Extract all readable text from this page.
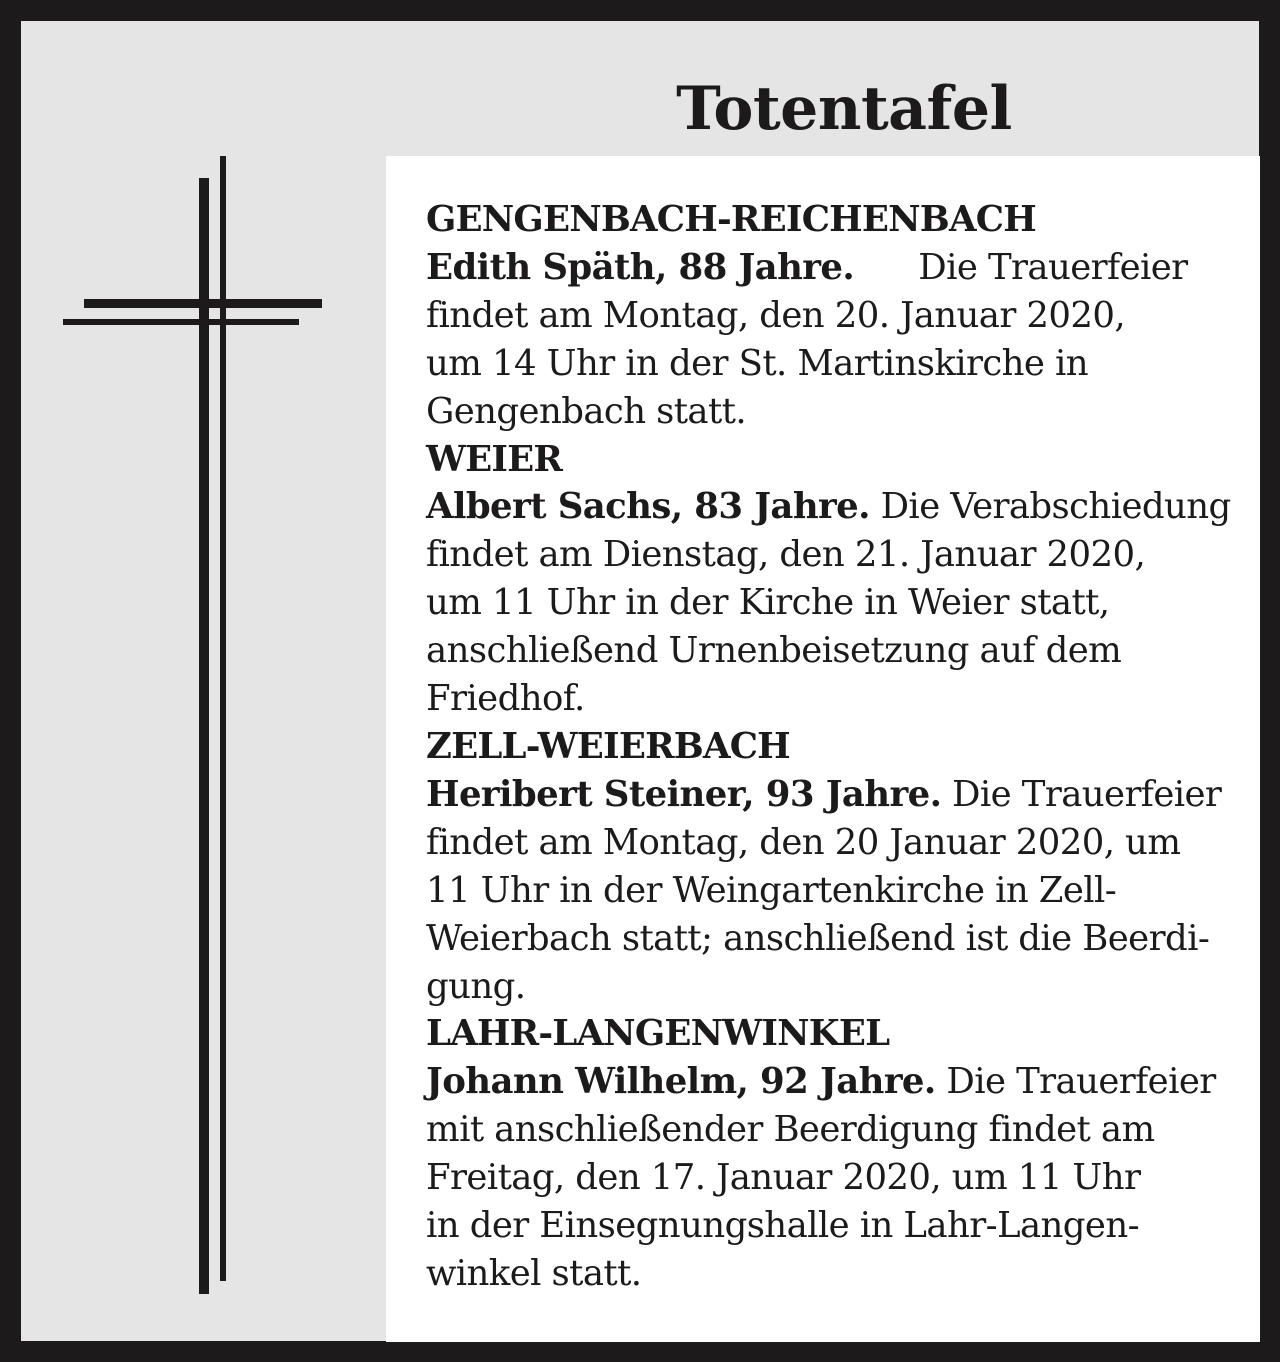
Totentafel

GENGENBACH-REICHENBACH

Edith Späth, 88 Jahre.      Die Trauerfeier

findet am Montag, den 20. Januar 2020,

um 14 Uhr in der St. Martinskirche in

Gengenbach statt.

WEIER

Albert Sachs, 83 Jahre. Die Verabschiedung

findet am Dienstag, den 21. Januar 2020,

um 11 Uhr in der Kirche in Weier statt,

anschließend Urnenbeisetzung auf dem

Friedhof.

ZELL-WEIERBACH

Heribert Steiner, 93 Jahre. Die Trauerfeier

findet am Montag, den 20 Januar 2020, um

11 Uhr in der Weingartenkirche in Zell-

Weierbach statt; anschließend ist die Beerdi-

gung.

LAHR-LANGENWINKEL

Johann Wilhelm, 92 Jahre. Die Trauerfeier

mit anschließender Beerdigung findet am

Freitag, den 17. Januar 2020, um 11 Uhr

in der Einsegnungshalle in Lahr-Langen-

winkel statt.
